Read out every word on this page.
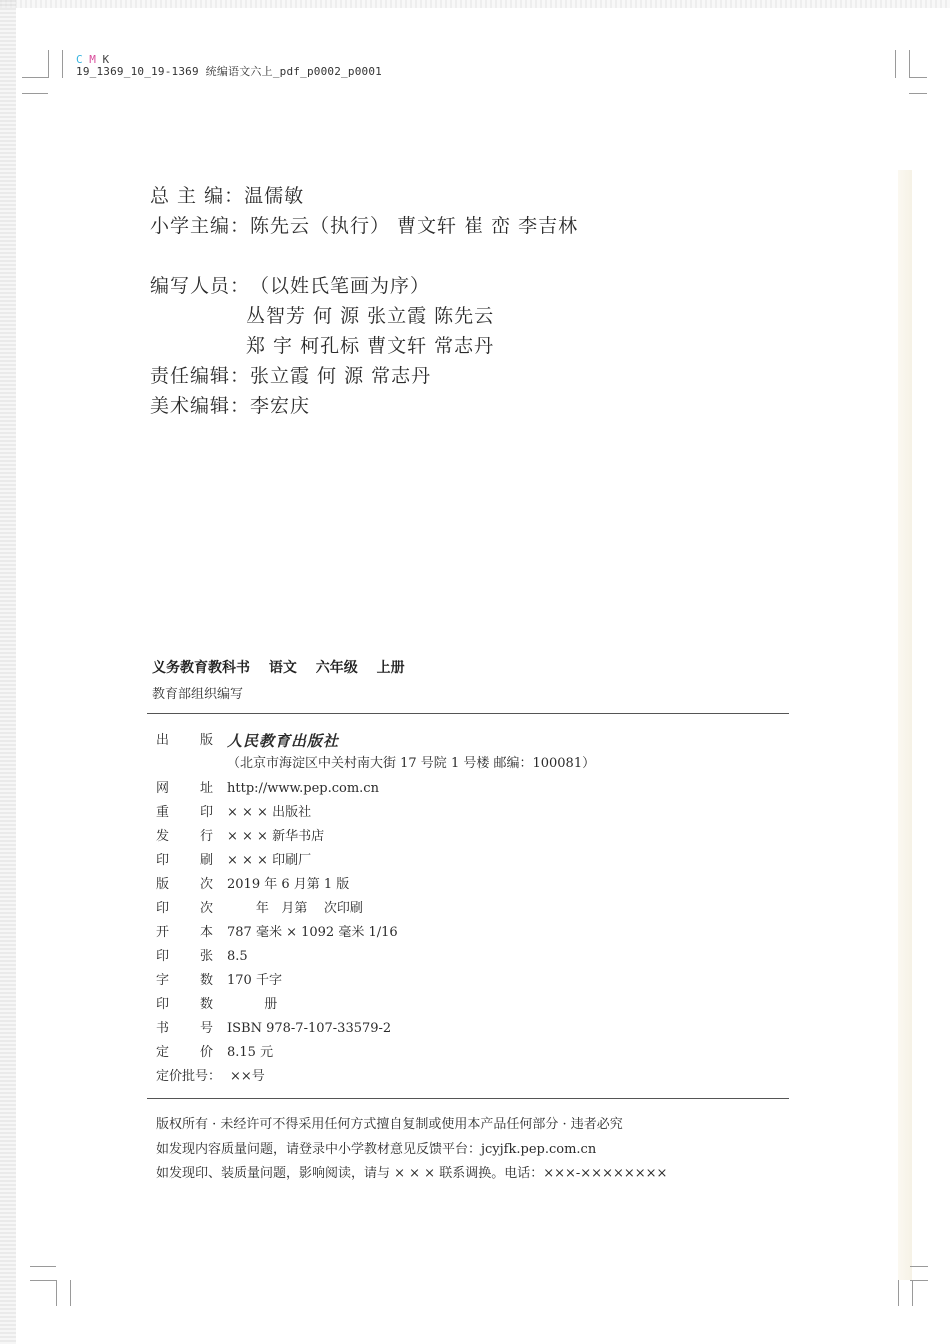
C M K
19_1369_10_19-1369 统编语文六上_pdf_p0002_p0001
总 主 编：温儒敏
小学主编：陈先云（执行） 曹文轩 崔 峦 李吉林
编写人员：（以姓氏笔画为序）
丛智芳 何 源 张立霞 陈先云
郑 宇 柯孔标 曹文轩 常志丹
责任编辑：张立霞 何 源 常志丹
美术编辑：李宏庆
义务教育教科书 语文 六年级 上册
教育部组织编写
出 版 人民教育出版社
（北京市海淀区中关村南大街 17 号院 1 号楼 邮编：100081）
网 址 http://www.pep.com.cn
重 印 × × × 出版社
发 行 × × × 新华书店
印 刷 × × × 印刷厂
版 次 2019 年 6 月第 1 版
印 次 年   月第    次印刷
开 本 787 毫米 × 1092 毫米 1/16
印 张 8.5
字 数 170 千字
印 数 册
书 号 ISBN 978-7-107-33579-2
定 价 8.15 元
定价批号： ××号
版权所有 · 未经许可不得采用任何方式擅自复制或使用本产品任何部分 · 违者必究
如发现内容质量问题，请登录中小学教材意见反馈平台：jcyjfk.pep.com.cn
如发现印、装质量问题，影响阅读，请与 × × × 联系调换。电话：×××-××××××××
